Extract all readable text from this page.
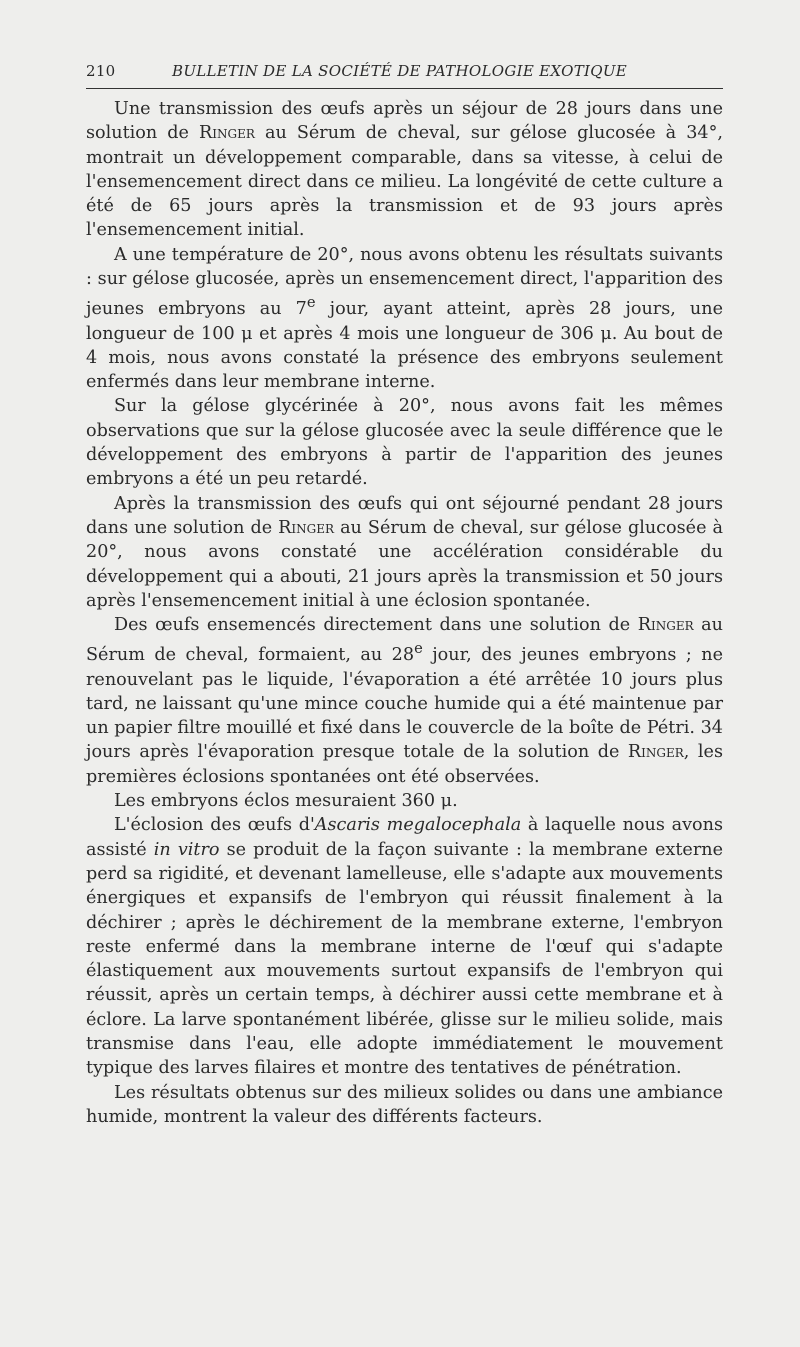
210	BULLETIN DE LA SOCIÉTÉ DE PATHOLOGIE EXOTIQUE

Une transmission des œufs après un séjour de 28 jours dans une solution de Ringer au Sérum de cheval, sur gélose glucosée à 34°, montrait un développement comparable, dans sa vitesse, à celui de l'ensemencement direct dans ce milieu. La longévité de cette culture a été de 65 jours après la transmission et de 93 jours après l'ensemencement initial.

A une température de 20°, nous avons obtenu les résultats suivants : sur gélose glucosée, après un ensemencement direct, l'apparition des jeunes embryons au 7e jour, ayant atteint, après 28 jours, une longueur de 100 μ et après 4 mois une longueur de 306 μ. Au bout de 4 mois, nous avons constaté la présence des embryons seulement enfermés dans leur membrane interne.

Sur la gélose glycérinée à 20°, nous avons fait les mêmes observations que sur la gélose glucosée avec la seule différence que le développement des embryons à partir de l'apparition des jeunes embryons a été un peu retardé.

Après la transmission des œufs qui ont séjourné pendant 28 jours dans une solution de Ringer au Sérum de cheval, sur gélose glucosée à 20°, nous avons constaté une accélération considérable du développement qui a abouti, 21 jours après la transmission et 50 jours après l'ensemencement initial à une éclosion spontanée.

Des œufs ensemencés directement dans une solution de Ringer au Sérum de cheval, formaient, au 28e jour, des jeunes embryons ; ne renouvelant pas le liquide, l'évaporation a été arrêtée 10 jours plus tard, ne laissant qu'une mince couche humide qui a été maintenue par un papier filtre mouillé et fixé dans le couvercle de la boîte de Pétri. 34 jours après l'évaporation presque totale de la solution de Ringer, les premières éclosions spontanées ont été observées.

Les embryons éclos mesuraient 360 μ.

L'éclosion des œufs d'Ascaris megalocephala à laquelle nous avons assisté in vitro se produit de la façon suivante : la membrane externe perd sa rigidité, et devenant lamelleuse, elle s'adapte aux mouvements énergiques et expansifs de l'embryon qui réussit finalement à la déchirer ; après le déchirement de la membrane externe, l'embryon reste enfermé dans la membrane interne de l'œuf qui s'adapte élastiquement aux mouvements surtout expansifs de l'embryon qui réussit, après un certain temps, à déchirer aussi cette membrane et à éclore. La larve spontanément libérée, glisse sur le milieu solide, mais transmise dans l'eau, elle adopte immédiatement le mouvement typique des larves filaires et montre des tentatives de pénétration.

Les résultats obtenus sur des milieux solides ou dans une ambiance humide, montrent la valeur des différents facteurs.
